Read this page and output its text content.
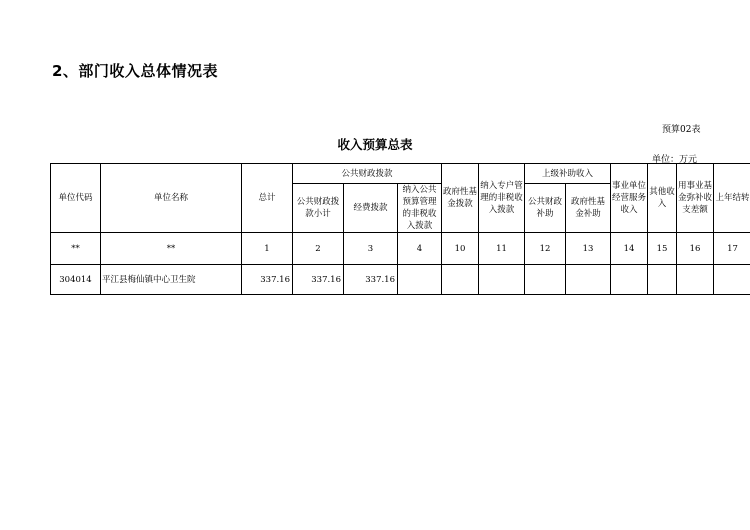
2、部门收入总体情况表
预算02表
收入预算总表
单位：万元
单位代码	单位名称	总计	公共财政拨款			政府性基金拨款	纳入专户管理的非税收入拨款	上级补助收入		事业单位经营服务收入	其他收入	用事业基金弥补收支差额	上年结转
			公共财政拨款小计	经费拨款	纳入公共预算管理的非税收入拨款			公共财政补助	政府性基金补助				
**	**	1	2	3	4	10	11	12	13	14	15	16	17
304014	平江县梅仙镇中心卫生院	337.16	337.16	337.16									
